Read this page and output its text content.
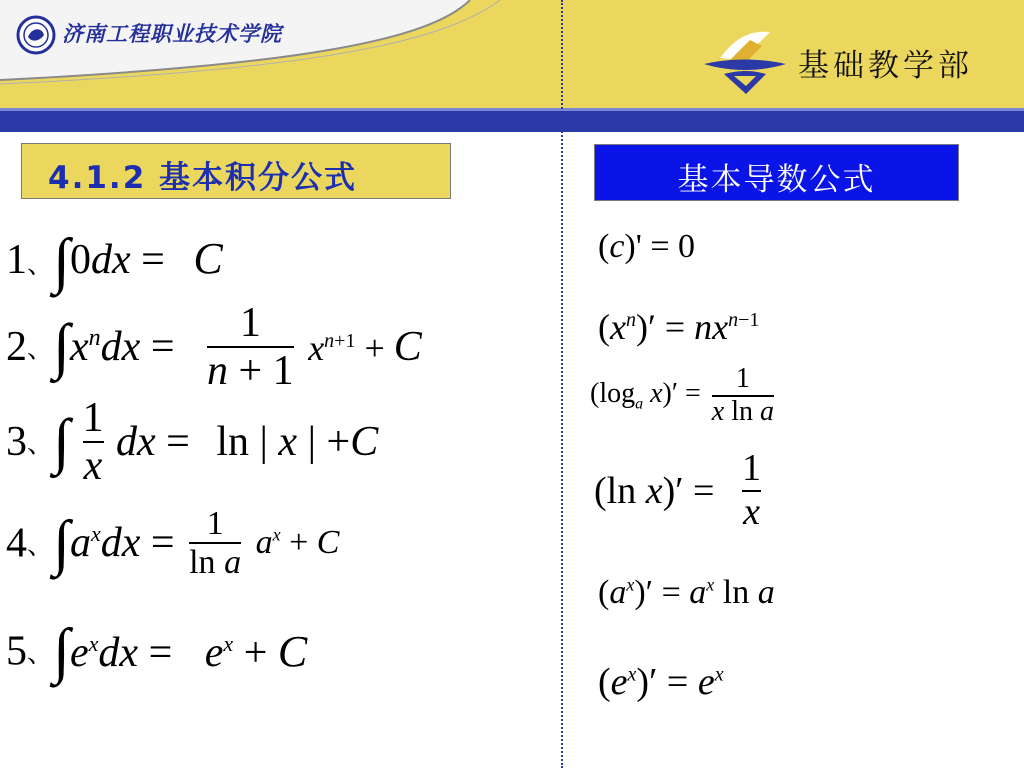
济南工程职业技术学院
基础教学部
4.1.2 基本积分公式	基本导数公式
1、∫0dx = C
2、$\int x^ndx = \frac{1}{n + 1} x^{n+1} + C$
3、∫ $\frac{1}{x}$ dx = ln | x | +C
4、$\int a^xdx = \frac{1}{\text{ln a}} a^x + C$
5、$\int e^xdx = e^x + C$
(c)' = 0
$(x^n)' = nx^{n-1}$
($\log_a$ $x)' = \frac{1}{\text{x ln a}}$
(ln $x)' = \frac{1}{x}$
$(a^x)' = a^x$ ln a
$(e^x)' = e^x$
